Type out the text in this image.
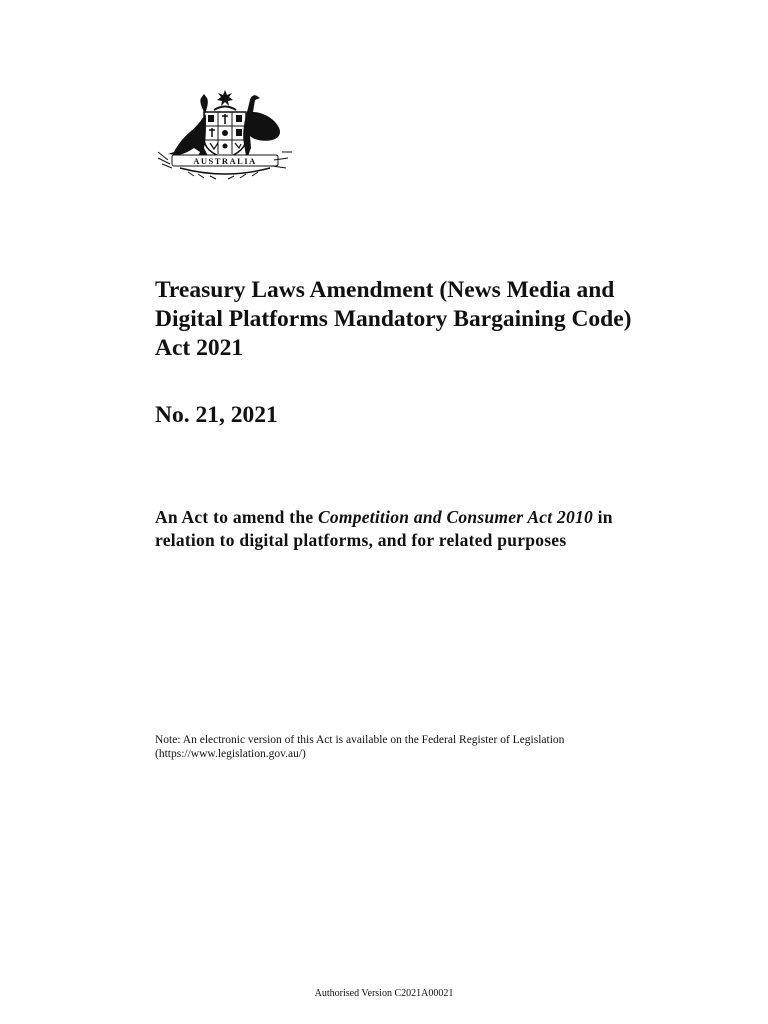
AUSTRALIA
Treasury Laws Amendment (News Media and Digital Platforms Mandatory Bargaining Code) Act 2021
No. 21, 2021

An Act to amend the Competition and Consumer Act 2010 in relation to digital platforms, and for related purposes

Note: An electronic version of this Act is available on the Federal Register of Legislation
(https://www.legislation.gov.au/)
Authorised Version C2021A00021
